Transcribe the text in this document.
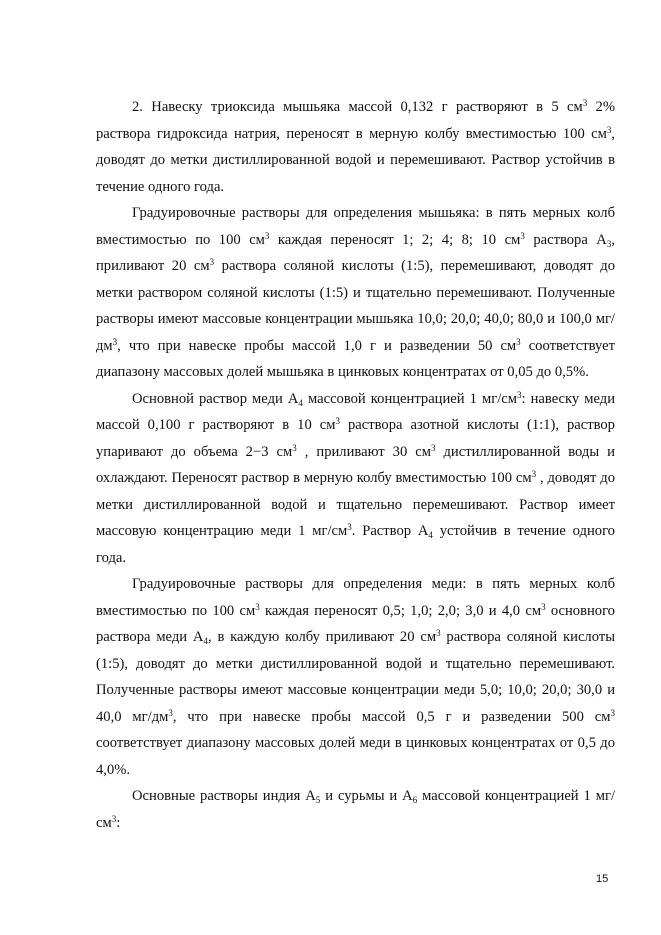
2. Навеску триоксида мышьяка массой 0,132 г растворяют в 5 $см^3$ 2% раствора гидроксида натрия, переносят в мерную колбу вместимостью 100 $см^3$, доводят до метки дистиллированной водой и перемешивают. Раствор устойчив в течение одного года.

Градуировочные растворы для определения мышьяка: в пять мерных колб вместимостью по 100 $см^3$ каждая переносят 1; 2; 4; 8; 10 $см^3$ раствора $А_3$, приливают 20 $см^3$ раствора соляной кислоты (1:5), перемешивают, доводят до метки раствором соляной кислоты (1:5) и тщательно перемешивают. Полученные растворы имеют массовые концентрации мышьяка 10,0; 20,0; 40,0; 80,0 и 100,0 $мг/дм^3$, что при навеске пробы массой 1,0 г и разведении 50 $см^3$ соответствует диапазону массовых долей мышьяка в цинковых концентратах от 0,05 до 0,5%.

Основной раствор меди $А_4$ массовой концентрацией 1 $мг/см^3$: навеску меди массой 0,100 г растворяют в 10 $см^3$ раствора азотной кислоты (1:1), раствор упаривают до объема 2−3 $см^3$ , приливают 30 $см^3$ дистиллированной воды и охлаждают. Переносят раствор в мерную колбу вместимостью 100 $см^3$ , доводят до метки дистиллированной водой и тщательно перемешивают. Раствор имеет массовую концентрацию меди 1 $мг/см^3$. Раствор $А_4$ устойчив в течение одного года.

Градуировочные растворы для определения меди: в пять мерных колб вместимостью по 100 $см^3$ каждая переносят 0,5; 1,0; 2,0; 3,0 и 4,0 $см^3$ основного раствора меди $А_4$, в каждую колбу приливают 20 $см^3$ раствора соляной кислоты (1:5), доводят до метки дистиллированной водой и тщательно перемешивают. Полученные растворы имеют массовые концентрации меди 5,0; 10,0; 20,0; 30,0 и 40,0 $мг/дм^3$, что при навеске пробы массой 0,5 г и разведении 500 $см^3$ соответствует диапазону массовых долей меди в цинковых концентратах от 0,5 до 4,0%.

Основные растворы индия $А_5$ и сурьмы и $А_6$ массовой концентрацией 1 $мг/см^3$:

15
